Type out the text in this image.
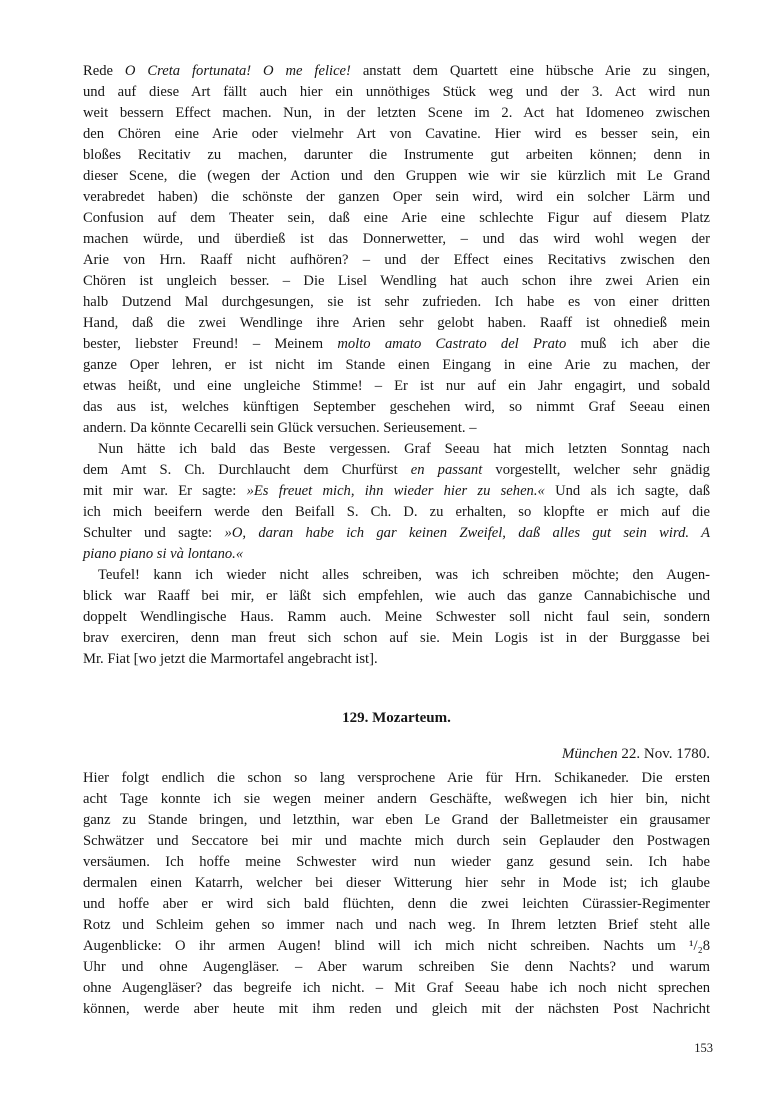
Rede O Creta fortunata! O me felice! anstatt dem Quartett eine hübsche Arie zu singen,
und auf diese Art fällt auch hier ein unnöthiges Stück weg und der 3. Act wird nun
weit bessern Effect machen. Nun, in der letzten Scene im 2. Act hat Idomeneo zwischen
den Chören eine Arie oder vielmehr Art von Cavatine. Hier wird es besser sein, ein
bloßes Recitativ zu machen, darunter die Instrumente gut arbeiten können; denn in
dieser Scene, die (wegen der Action und den Gruppen wie wir sie kürzlich mit Le Grand
verabredet haben) die schönste der ganzen Oper sein wird, wird ein solcher Lärm und
Confusion auf dem Theater sein, daß eine Arie eine schlechte Figur auf diesem Platz
machen würde, und überdieß ist das Donnerwetter, – und das wird wohl wegen der
Arie von Hrn. Raaff nicht aufhören? – und der Effect eines Recitativs zwischen den
Chören ist ungleich besser. – Die Lisel Wendling hat auch schon ihre zwei Arien ein
halb Dutzend Mal durchgesungen, sie ist sehr zufrieden. Ich habe es von einer dritten
Hand, daß die zwei Wendlinge ihre Arien sehr gelobt haben. Raaff ist ohnedieß mein
bester, liebster Freund! – Meinem molto amato Castrato del Prato muß ich aber die
ganze Oper lehren, er ist nicht im Stande einen Eingang in eine Arie zu machen, der
etwas heißt, und eine ungleiche Stimme! – Er ist nur auf ein Jahr engagirt, und sobald
das aus ist, welches künftigen September geschehen wird, so nimmt Graf Seeau einen
andern. Da könnte Cecarelli sein Glück versuchen. Serieusement. –
Nun hätte ich bald das Beste vergessen. Graf Seeau hat mich letzten Sonntag nach
dem Amt S. Ch. Durchlaucht dem Churfürst en passant vorgestellt, welcher sehr gnädig
mit mir war. Er sagte: »Es freuet mich, ihn wieder hier zu sehen.« Und als ich sagte, daß
ich mich beeifern werde den Beifall S. Ch. D. zu erhalten, so klopfte er mich auf die
Schulter und sagte: »O, daran habe ich gar keinen Zweifel, daß alles gut sein wird. A
piano piano si và lontano.«
Teufel! kann ich wieder nicht alles schreiben, was ich schreiben möchte; den Augen-
blick war Raaff bei mir, er läßt sich empfehlen, wie auch das ganze Cannabichische und
doppelt Wendlingische Haus. Ramm auch. Meine Schwester soll nicht faul sein, sondern
brav exerciren, denn man freut sich schon auf sie. Mein Logis ist in der Burggasse bei
Mr. Fiat [wo jetzt die Marmortafel angebracht ist].
129. Mozarteum.
München 22. Nov. 1780.
Hier folgt endlich die schon so lang versprochene Arie für Hrn. Schikaneder. Die ersten
acht Tage konnte ich sie wegen meiner andern Geschäfte, weßwegen ich hier bin, nicht
ganz zu Stande bringen, und letzthin, war eben Le Grand der Balletmeister ein grausamer
Schwätzer und Seccatore bei mir und machte mich durch sein Geplauder den Postwagen
versäumen. Ich hoffe meine Schwester wird nun wieder ganz gesund sein. Ich habe
dermalen einen Katarrh, welcher bei dieser Witterung hier sehr in Mode ist; ich glaube
und hoffe aber er wird sich bald flüchten, denn die zwei leichten Cürassier-Regimenter
Rotz und Schleim gehen so immer nach und nach weg. In Ihrem letzten Brief steht alle
Augenblicke: O ihr armen Augen! blind will ich mich nicht schreiben. Nachts um ¹/₂8
Uhr und ohne Augengläser. – Aber warum schreiben Sie denn Nachts? und warum
ohne Augengläser? das begreife ich nicht. – Mit Graf Seeau habe ich noch nicht sprechen
können, werde aber heute mit ihm reden und gleich mit der nächsten Post Nachricht
153
